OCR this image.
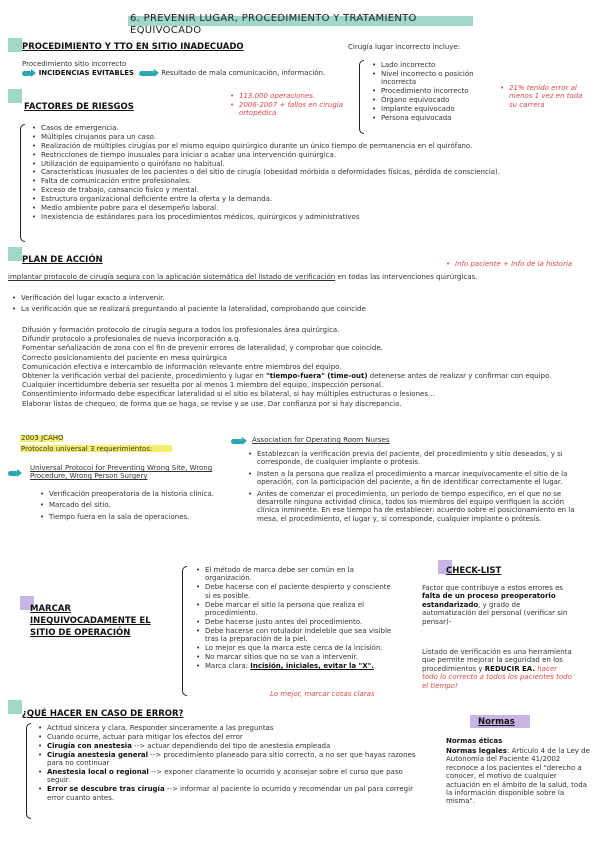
6. PREVENIR LUGAR, PROCEDIMIENTO Y TRATAMIENTO EQUIVOCADO
PROCEDIMIENTO Y TTO EN SITIO INADECUADO
Procedimiento sitio incorrecto
INCIDENCIAS EVITABLES	Resultado de mala comunicación, información.
Cirugía lugar incorrecto incluye:
• Lado incorrecto
• Nivel incorrecto o posición incorrecta
• Procedimiento incorrecto
• Órgano equivocado
• Implante equivocado
• Persona equivocada
• 21% tenido error al menos 1 vez en toda su carrera
FACTORES DE RIESGOS
• 113.000 operaciones.
• 2006-2007 + fallos en cirugía ortopédica
• Casos de emergencia.
• Múltiples cirujanos para un caso.
• Realización de múltiples cirugías por el mismo equipo quirúrgico durante un único tiempo de permanencia en el quirófano.
• Restricciones de tiempo inusuales para iniciar o acabar una intervención quirúrgica.
• Utilización de equipamiento o quirófano no habitual.
• Características inusuales de los pacientes o del sitio de cirugía (obesidad mórbida o deformidades físicas, pérdida de consciencia).
• Falta de comunicación entre profesionales.
• Exceso de trabajo, cansancio físico y mental.
• Estructura organizacional deficiente entre la oferta y la demanda.
• Medio ambiente pobre para el desempeño laboral.
• Inexistencia de estándares para los procedimientos médicos, quirúrgicos y administrativos
PLAN DE ACCIÓN
•	Info paciente + Info de la historia
implantar protocolo de cirugía segura con la aplicación sistemática del listado de verificación en todas las intervenciones quirúrgicas.
• Verificación del lugar exacto a intervenir.
• La verificación que se realizará preguntando al paciente la lateralidad, comprobando que coincide

Difusión y formación protocolo de cirugía segura a todos los profesionales área quirúrgica.

Difundir protocolo a profesionales de nueva incorporación a.q.

Fomentar señalización de zona con el fin de prevenir errores de lateralidad, y comprobar que coincide.

Correcto posicionamiento del paciente en mesa quirúrgica

Comunicación efectiva e intercambio de información relevante entre miembros del equipo.

Obtener la verificación verbal del paciente, procedimiento y lugar en "tiempo-fuera" (time-out) detenerse antes de realizar y confirmar con equipo.

Cualquier incertidumbre debería ser resuelta por al menos 1 miembro del equipo, inspección personal.

Consentimiento informado debe especificar lateralidad si el sitio es bilateral, si hay múltiples estructuras o lesiones…

Elaborar listas de chequeo, de forma que se haga, se revise y se use. Dar confianza por si hay discrepancia.

2003 JCAHO
Protocolo universal 3 requerimientos:
Universal Protocol for Preventing Wrong Site, Wrong
Procedure, Wrong Person Surgery
• Verificación preoperatoria de la historia clínica.
• Marcado del sitio.
• Tiempo fuera en la sala de operaciones.
Association for Operating Room Nurses
• Establezcan la verificación previa del paciente, del procedimiento y sitio deseados, y si corresponde, de cualquier implante o prótesis.
• Insten a la persona que realiza el procedimiento a marcar inequívocamente el sitio de la operación, con la participación del paciente, a fin de identificar correctamente el lugar.
• Antes de comenzar el procedimiento, un periodo de tiempo específico, en el que no se desarrolle ninguna actividad clínica, todos los miembros del equipo verifiquen la acción clínica inminente. En ese tiempo ha de establecer: acuerdo sobre el posicionamiento en la mesa, el procedimiento, el lugar y, si corresponde, cualquier implante o prótesis.
MARCAR INEQUIVOCADAMENTE EL SITIO DE OPERACIÓN
• El método de marca debe ser común en la organización.
• Debe hacerse con el paciente despierto y consciente si es posible.
• Debe marcar el sitio la persona que realiza el procedimiento.
• Debe hacerse justo antes del procedimiento.
• Debe hacerse con rotulador indeleble que sea visible tras la preparación de la piel.
• Lo mejor es que la marca este cerca de la incisión.
• No marcar sitios que no se van a intervenir.
• Marca clara: Incisión, iniciales, evitar la "X".
Lo mejor, marcar cosas claras
CHECK-LIST
Factor que contribuye a estos errores es falta de un proceso preoperatorio estandarizado, y grado de automatización del personal (verificar sin pensar)-
Listado de verificación es una herramienta que permite mejorar la seguridad en los procedimientos y REDUCIR EA. hacer todo lo correcto a todos los pacientes todo el tiempo!
¿QUÉ HACER EN CASO DE ERROR?
• Actitud sincera y clara. Responder sinceramente a las preguntas
• Cuando ocurre, actuar para mitigar los efectos del error
• Cirugía con anestesia --> actuar dependiendo del tipo de anestesia empleada
• Cirugía anestesia general --> procedimiento planeado para sitio correcto, a no ser que hayas razones para no continuar
• Anestesia local o regional --> exponer claramente lo ocurrido y aconsejar sobre el curso que paso seguir.
• Error se descubre tras cirugía --> informar al paciente lo ocurrido y recomendar un pal para corregir error cuanto antes.
Normas
Normas éticas
Normas legales: Artículo 4 de la Ley de Autonomía del Paciente 41/2002 reconoce a los pacientes el "derecho a conocer, el motivo de cualquier actuación en el ámbito de la salud, toda la información disponible sobre la misma".
